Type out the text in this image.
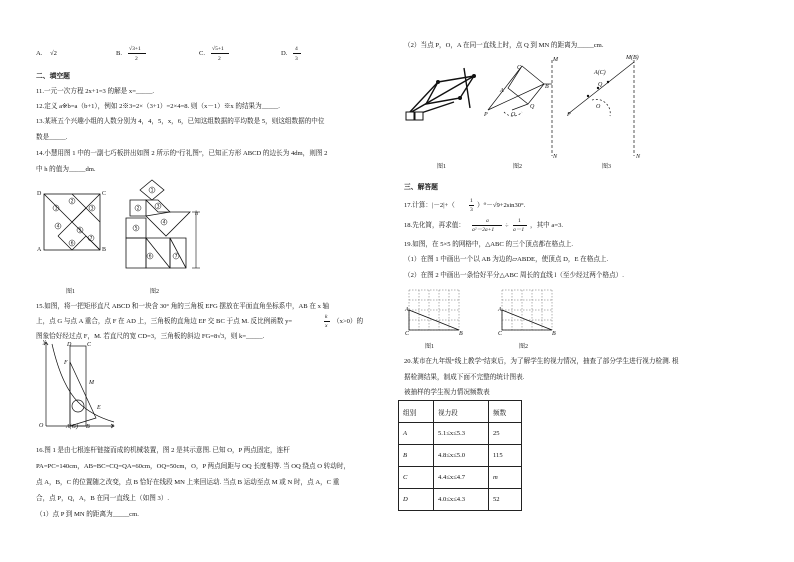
A. √2	B.
√3+1
2
C.
√5+1
2
D.
4
3
二、填空题
11.一元一次方程 2x+1=3 的解是 x=_____.
12.定义 a※b=a（b+1），例如 2※3=2×（3+1）=2×4=8. 则（x－1）※x 的结果为_____.
13.某班五个兴趣小组的人数分别为 4，4，5，x，6，已知这组数据的平均数是 5，则这组数据的中位
数是_____.
14.小慧用图 1 中的一副七巧板拼出如图 2 所示的“行礼图”，已知正方形 ABCD 的边长为 4dm，则图 2
中 h 的值为_____dm.
1
2
3
4
5
6
7
D	C
A	B
图1
1
2	3
4
5
6	7
h
图2
15.如图，将一把矩形直尺 ABCD 和一块含 30° 角的三角板 EFG 摆放在平面直角坐标系中，AB 在 x 轴
上，点 G 与点 A 重合，点 F 在 AD 上，三角板的直角边 EF 交 BC 于点 M. 反比例函数 y=
k
x
（x>0）的
图象恰好经过点 F，M. 若直尺的宽 CD=3，三角板的斜边 FG=8√3，则 k=_____.
y	D	C
F
M
E
O	A(G) B	x
16.图 1 是由七根连杆链接而成的机械装置，图 2 是其示意图. 已知 O，P 两点固定，连杆
PA=PC=140cm，AB=BC=CQ=QA=60cm，OQ=50cm，O，P 两点间距与 OQ 长度相等. 当 OQ 绕点 O 转动时，
点 A，B，C 的位置随之改变，点 B 恰好在线段 MN 上来回运动. 当点 B 运动至点 M 或 N 时，点 A，C 重
合，点 P，Q，A，B 在同一直线上（如图 3）.
（1）点 P 到 MN 的距离为_____cm.
（2）当点 P，O，A 在同一直线上时，点 Q 到 MN 的距离为_____cm.
图1
M
N
C
A
B
P	O
Q
图2
M(B)
A(C)
Q
P
O
N
图3
三、解答题
17.计算：|－2|+（
1
3
）⁰－√9+2sin30°.
18.先化简，再求值：
a
a²－2a+1
÷
1
a－1
，其中 a=3.
19.如图，在 5×5 的网格中，△ABC 的三个顶点都在格点上.
（1）在图 1 中画出一个以 AB 为边的▱ABDE，使顶点 D，E 在格点上.
（2）在图 2 中画出一条恰好平分△ABC 周长的直线 l（至少经过两个格点）.
A
C	B
图1
A
C	B
图2
20.某市在九年级“线上教学”结束后，为了解学生的视力情况，抽查了部分学生进行视力检测. 根
据检测结果，制成下面不完整的统计图表.
被抽样的学生视力情况频数表
组别	视力段	频数
A	5.1≤x≤5.3	25
B	4.8≤x≤5.0	115
C	4.4≤x≤4.7	m
D	4.0≤x≤4.3	52
